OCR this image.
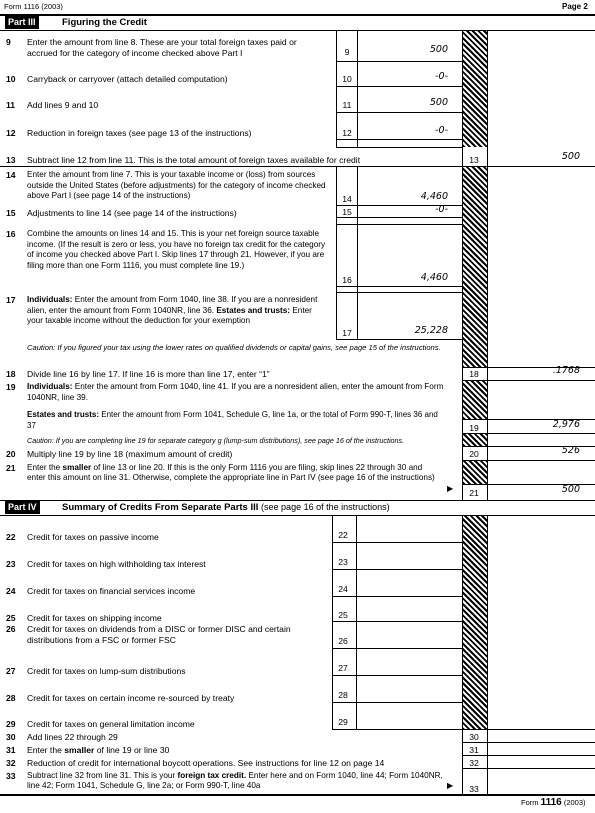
Form 1116 (2003)	Page 2
Part III	Figuring the Credit
9	Enter the amount from line 8. These are your total foreign taxes paid or accrued for the category of income checked above Part I	9	500
10	Carryback or carryover (attach detailed computation)	10	-0-
11	Add lines 9 and 10	11	500
12	Reduction in foreign taxes (see page 13 of the instructions)	12	-0-
13	Subtract line 12 from line 11. This is the total amount of foreign taxes available for credit	13	500
14	Enter the amount from line 7. This is your taxable income or (loss) from sources outside the United States (before adjustments) for the category of income checked above Part I (see page 14 of the instructions)	14	4,460
15	Adjustments to line 14 (see page 14 of the instructions)	15	-0-
16	Combine the amounts on lines 14 and 15. This is your net foreign source taxable income. (If the result is zero or less, you have no foreign tax credit for the category of income you checked above Part I. Skip lines 17 through 21. However, if you are filing more than one Form 1116, you must complete line 19.)
16	4,460
17	Individuals: Enter the amount from Form 1040, line 38. If you are a nonresident alien, enter the amount from Form 1040NR, line 36. Estates and trusts: Enter your taxable income without the deduction for your exemption
17	25,228
Caution: If you figured your tax using the lower rates on qualified dividends or capital gains, see page 15 of the instructions.
18	Divide line 16 by line 17. If line 16 is more than line 17, enter “1”	18	.1768
19	Individuals: Enter the amount from Form 1040, line 41. If you are a nonresident alien, enter the amount from Form 1040NR, line 39.
Estates and trusts: Enter the amount from Form 1041, Schedule G, line 1a, or the total of Form 990-T, lines 36 and 37	19	2,976
Caution: If you are completing line 19 for separate category g (lump-sum distributions), see page 16 of the instructions.
20	Multiply line 19 by line 18 (maximum amount of credit)	20	526
21	Enter the smaller of line 13 or line 20. If this is the only Form 1116 you are filing, skip lines 22 through 30 and enter this amount on line 31. Otherwise, complete the appropriate line in Part IV (see page 16 of the instructions)
▶	21	500
Part IV	Summary of Credits From Separate Parts III (see page 16 of the instructions)
22	Credit for taxes on passive income	22
23	Credit for taxes on high withholding tax interest	23
24	Credit for taxes on financial services income	24
25	Credit for taxes on shipping income	25
26	Credit for taxes on dividends from a DISC or former DISC and certain distributions from a FSC or former FSC	26
27	Credit for taxes on lump-sum distributions	27
28	Credit for taxes on certain income re-sourced by treaty	28
29	Credit for taxes on general limitation income	29
30	Add lines 22 through 29	30
31	Enter the smaller of line 19 or line 30	31
32	Reduction of credit for international boycott operations. See instructions for line 12 on page 14	32
33	Subtract line 32 from line 31. This is your foreign tax credit. Enter here and on Form 1040, line 44; Form 1040NR, line 42; Form 1041, Schedule G, line 2a; or Form 990-T, line 40a	▶	33
Form 1116 (2003)
